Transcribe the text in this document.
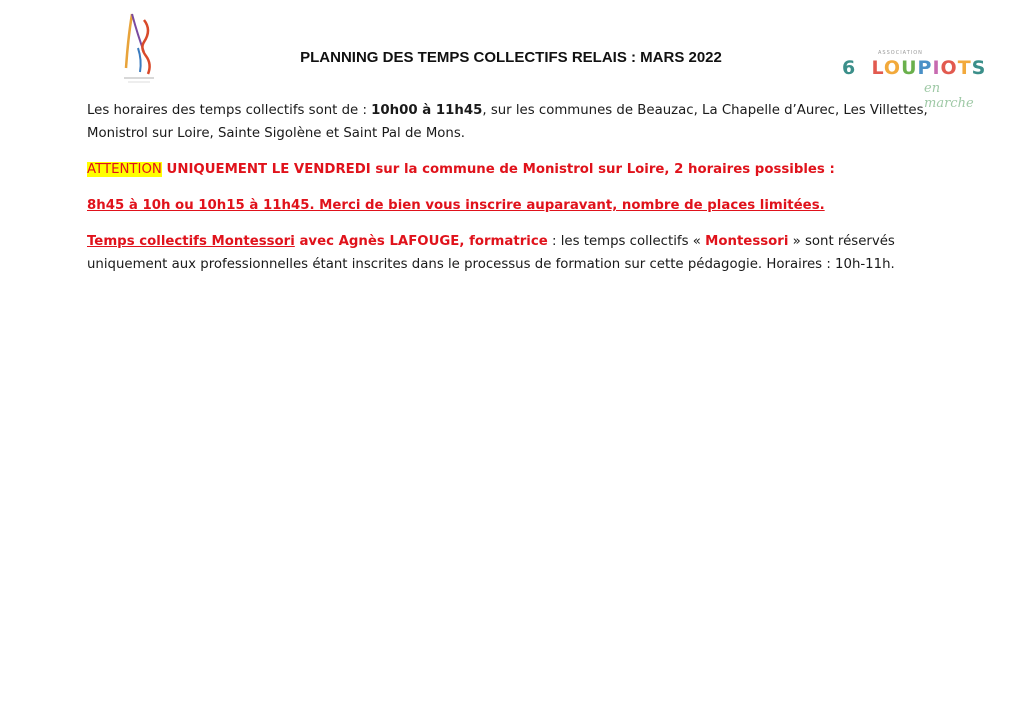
ASSOCIATION
6 LOUPIOTS
en marche
PLANNING DES TEMPS COLLECTIFS RELAIS : MARS 2022

Les horaires des temps collectifs sont de : 10h00 à 11h45, sur les communes de Beauzac, La Chapelle d’Aurec, Les Villettes, Monistrol sur Loire, Sainte Sigolène et Saint Pal de Mons.

ATTENTION UNIQUEMENT LE VENDREDI sur la commune de Monistrol sur Loire, 2 horaires possibles :

8h45 à 10h ou 10h15 à 11h45. Merci de bien vous inscrire auparavant, nombre de places limitées.

Temps collectifs Montessori avec Agnès LAFOUGE, formatrice : les temps collectifs « Montessori » sont réservés uniquement aux professionnelles étant inscrites dans le processus de formation sur cette pédagogie. Horaires : 10h-11h.
